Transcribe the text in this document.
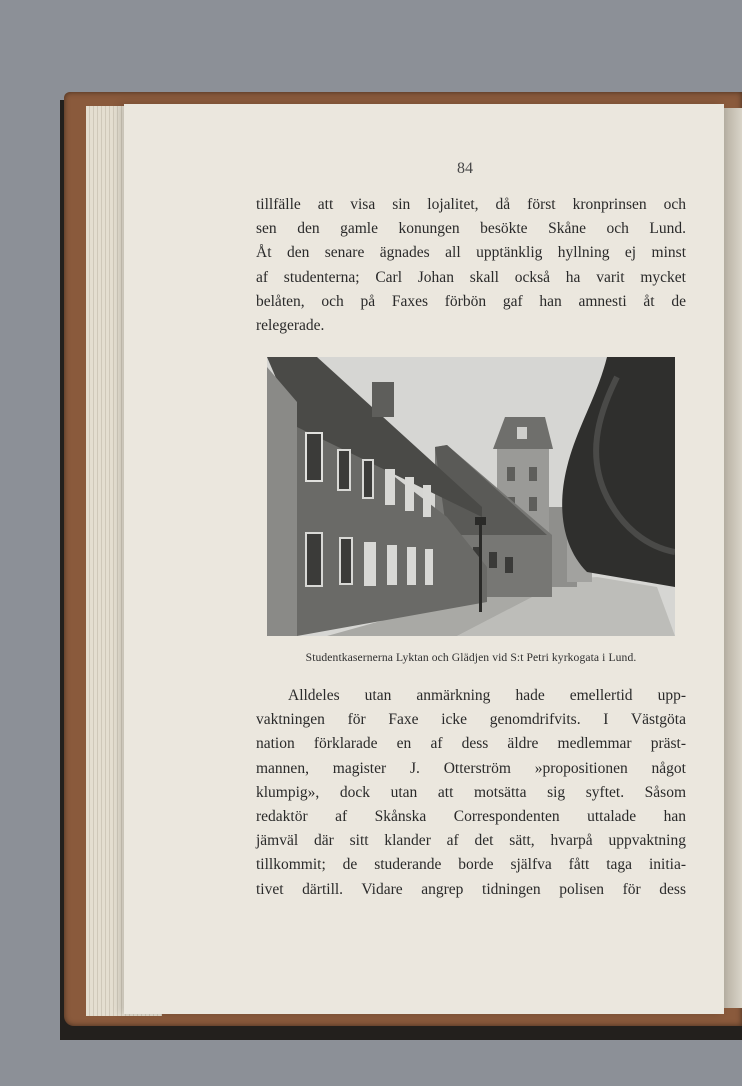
84
tillfälle att visa sin lojalitet, då först kronprinsen och
sen den gamle konungen besökte Skåne och Lund.
Åt den senare ägnades all upptänklig hyllning ej minst
af studenterna; Carl Johan skall också ha varit mycket
belåten, och på Faxes förbön gaf han amnesti åt de
relegerade.
Studentkasernerna Lyktan och Glädjen vid S:t Petri kyrkogata i Lund.
Alldeles utan anmärkning hade emellertid upp-
vaktningen för Faxe icke genomdrifvits. I Västgöta
nation förklarade en af dess äldre medlemmar präst-
mannen, magister J. Otterström »propositionen något
klumpig», dock utan att motsätta sig syftet. Såsom
redaktör af Skånska Correspondenten uttalade han
jämväl där sitt klander af det sätt, hvarpå uppvaktning
tillkommit; de studerande borde själfva fått taga initia-
tivet därtill. Vidare angrep tidningen polisen för dess
